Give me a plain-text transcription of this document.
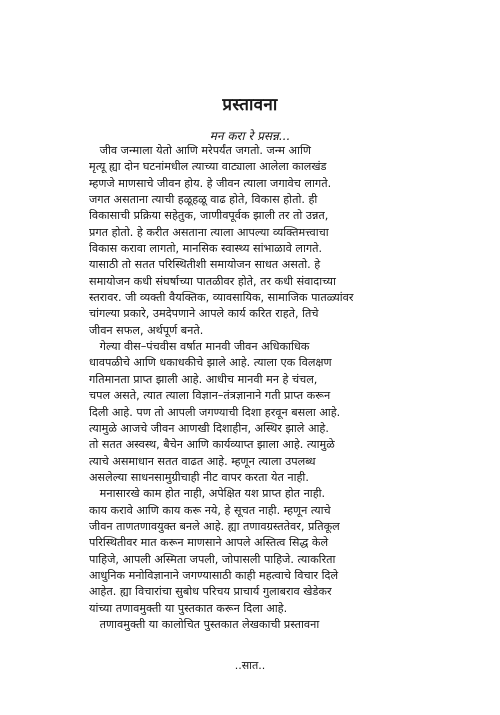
प्रस्तावना
मन करा रे प्रसन्न...
जीव जन्माला येतो आणि मरेपर्यंत जगतो. जन्म आणि
मृत्यू ह्या दोन घटनांमधील त्याच्या वाट्याला आलेला कालखंड
म्हणजे माणसाचे जीवन होय. हे जीवन त्याला जगावेच लागते.
जगत असताना त्याची हळूहळू वाढ होते, विकास होतो. ही
विकासाची प्रक्रिया सहेतुक, जाणीवपूर्वक झाली तर तो उन्नत,
प्रगत होतो. हे करीत असताना त्याला आपल्या व्यक्तिमत्त्वाचा
विकास करावा लागतो, मानसिक स्वास्थ्य सांभाळावे लागते.
यासाठी तो सतत परिस्थितीशी समायोजन साधत असतो. हे
समायोजन कधी संघर्षाच्या पातळीवर होते, तर कधी संवादाच्या
स्तरावर. जी व्यक्ती वैयक्तिक, व्यावसायिक, सामाजिक पातळ्यांवर
चांगल्या प्रकारे, उमदेपणाने आपले कार्य करित राहते, तिचे
जीवन सफल, अर्थपूर्ण बनते.
गेल्या वीस–पंचवीस वर्षात मानवी जीवन अधिकाधिक
धावपळीचे आणि धकाधकीचे झाले आहे. त्याला एक विलक्षण
गतिमानता प्राप्त झाली आहे. आधीच मानवी मन हे चंचल,
चपल असते, त्यात त्याला विज्ञान–तंत्रज्ञानाने गती प्राप्त करून
दिली आहे. पण तो आपली जगण्याची दिशा हरवून बसला आहे.
त्यामुळे आजचे जीवन आणखी दिशाहीन, अस्थिर झाले आहे.
तो सतत अस्वस्थ, बैचेन आणि कार्यव्याप्त झाला आहे. त्यामुळे
त्याचे असमाधान सतत वाढत आहे. म्हणून त्याला उपलब्ध
असलेल्या साधनसामुग्रीचाही नीट वापर करता येत नाही.
मनासारखे काम होत नाही, अपेक्षित यश प्राप्त होत नाही.
काय करावे आणि काय करू नये, हे सूचत नाही. म्हणून त्याचे
जीवन ताणतणावयुक्त बनले आहे. ह्या तणावग्रस्ततेवर, प्रतिकूल
परिस्थितीवर मात करून माणसाने आपले अस्तित्व सिद्ध केले
पाहिजे, आपली अस्मिता जपली, जोपासली पाहिजे. त्याकरिता
आधुनिक मनोविज्ञानाने जगण्यासाठी काही महत्वाचे विचार दिले
आहेत. ह्या विचारांचा सुबोध परिचय प्राचार्य गुलाबराव खेडेकर
यांच्या तणावमुक्ती या पुस्तकात करून दिला आहे.
तणावमुक्ती या कालोचित पुस्तकात लेखकाची प्रस्तावना
..सात..
